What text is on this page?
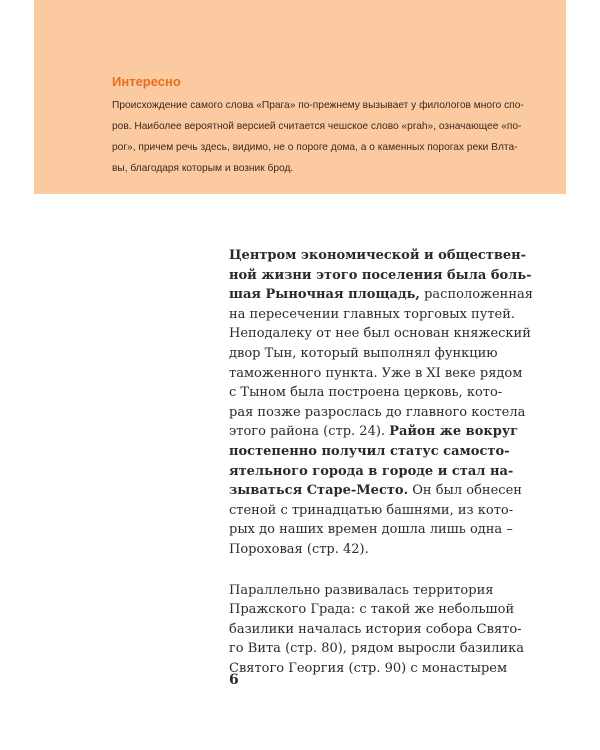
Интересно
Происхождение самого слова «Прага» по-прежнему вызывает у филологов много спо-
ров. Наиболее вероятной версией считается чешское слово «prah», означающее «по-
рог», причем речь здесь, видимо, не о пороге дома, а о каменных порогах реки Влта-
вы, благодаря которым и возник брод.

Центром экономической и обществен-
ной жизни этого поселения была боль-
шая Рыночная площадь, расположенная
на пересечении главных торговых путей.
Неподалеку от нее был основан княжеский
двор Тын, который выполнял функцию
таможенного пункта. Уже в XI веке рядом
с Тыном была построена церковь, кото-
рая позже разрослась до главного костела
этого района (стр. 24). Район же вокруг
постепенно получил статус самосто-
ятельного города в городе и стал на-
зываться Старе-Место. Он был обнесен
стеной с тринадцатью башнями, из кото-
рых до наших времен дошла лишь одна –
Пороховая (стр. 42).

Параллельно развивалась территория
Пражского Града: с такой же небольшой
базилики началась история собора Свято-
го Вита (стр. 80), рядом выросли базилика
Святого Георгия (стр. 90) с монастырем

6
